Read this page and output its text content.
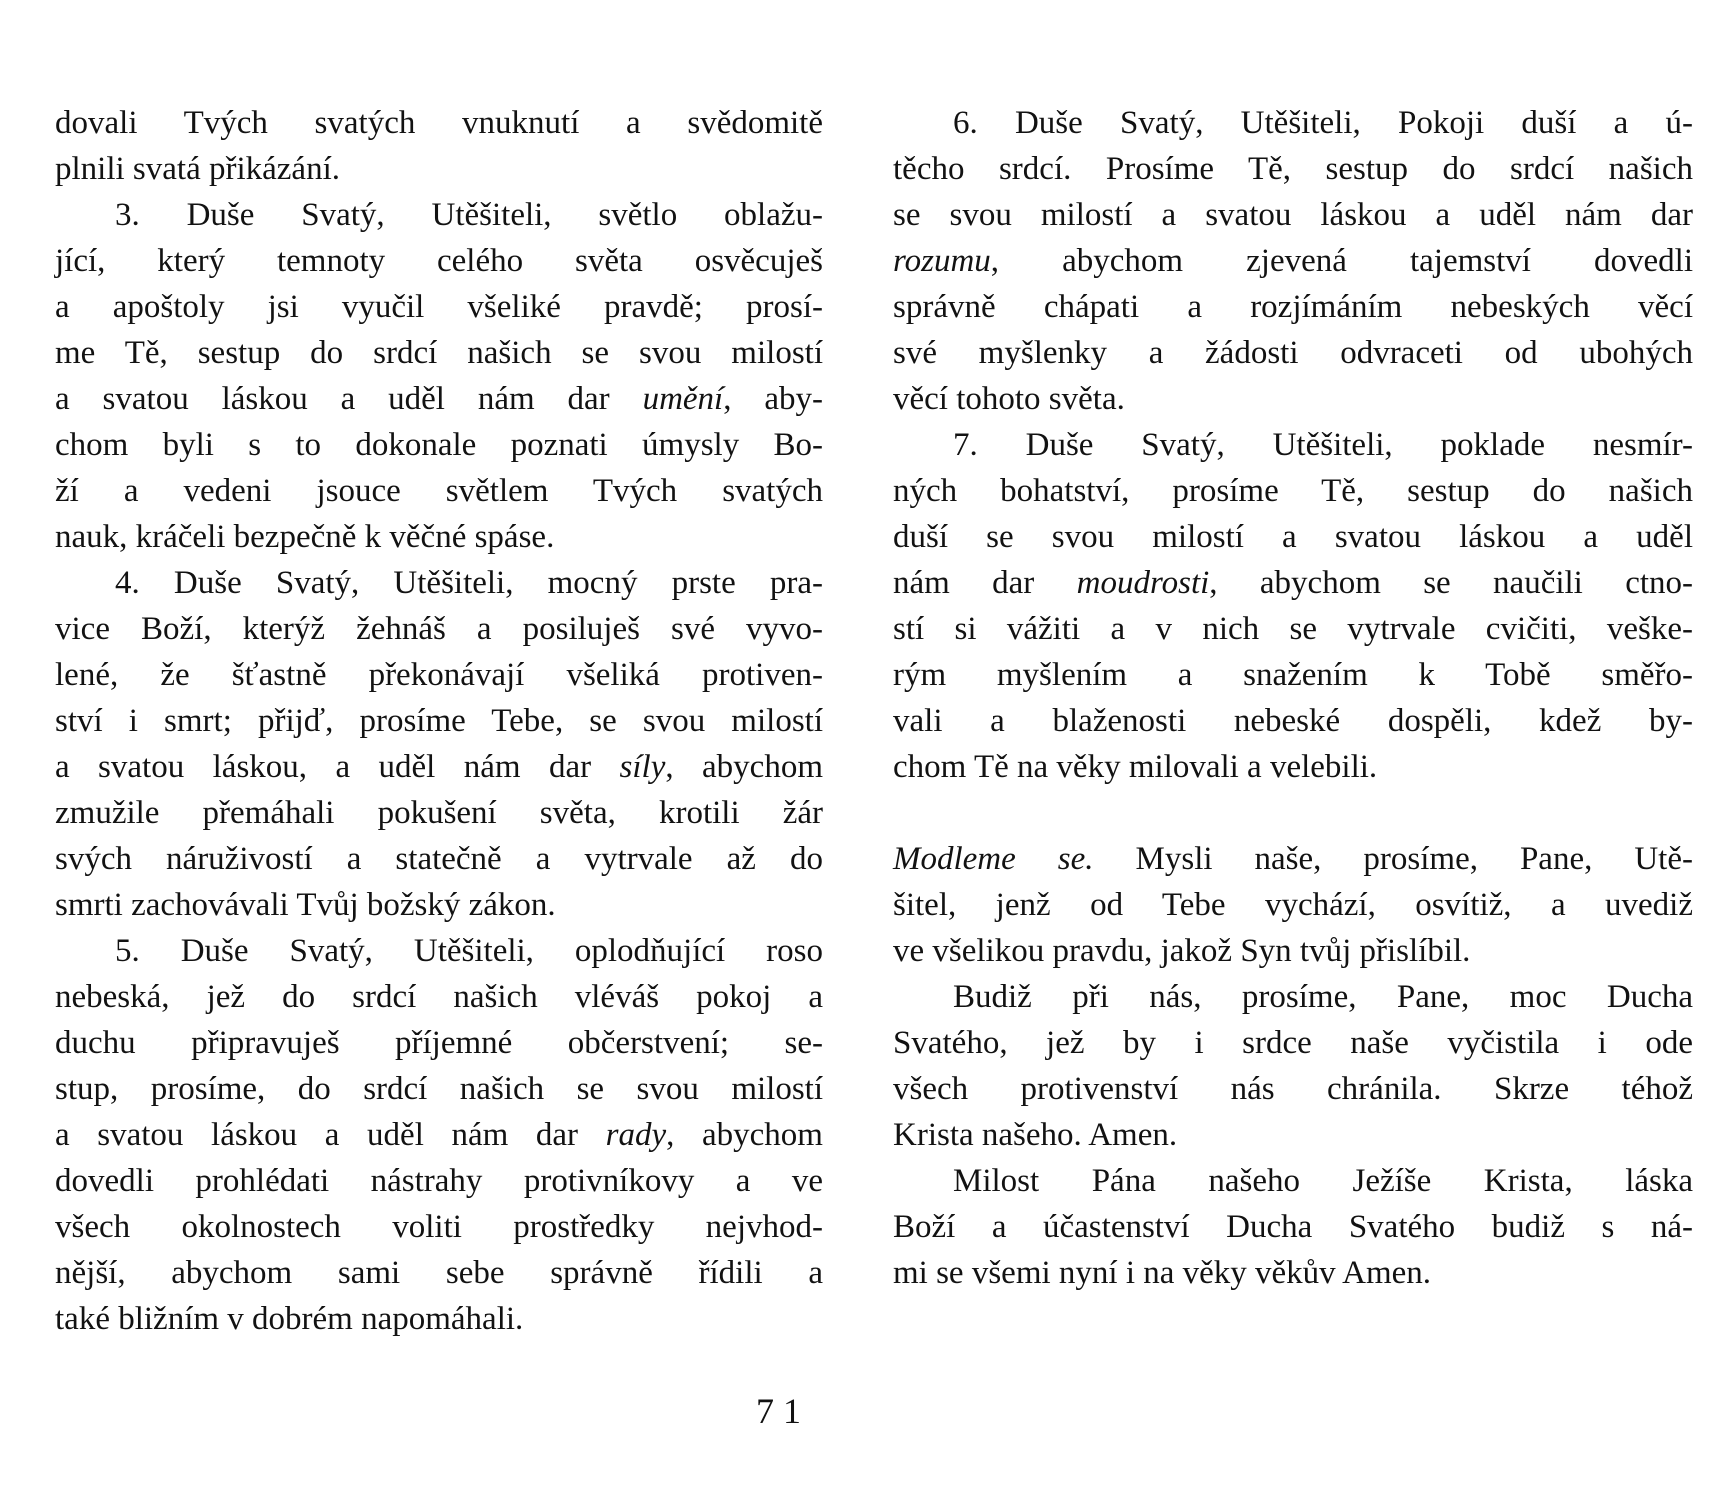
dovali Tvých svatých vnuknutí a svědomitě
plnili svatá přikázání.
3. Duše Svatý, Utěšiteli, světlo oblažu-
jící, který temnoty celého světa osvěcuješ
a apoštoly jsi vyučil všeliké pravdě; prosí-
me Tě, sestup do srdcí našich se svou milostí
a svatou láskou a uděl nám dar umění, aby-
chom byli s to dokonale poznati úmysly Bo-
ží a vedeni jsouce světlem Tvých svatých
nauk, kráčeli bezpečně k věčné spáse.
4. Duše Svatý, Utěšiteli, mocný prste pra-
vice Boží, kterýž žehnáš a posiluješ své vyvo-
lené, že šťastně překonávají všeliká protiven-
ství i smrt; přijď, prosíme Tebe, se svou milostí
a svatou láskou, a uděl nám dar síly, abychom
zmužile přemáhali pokušení světa, krotili žár
svých náruživostí a statečně a vytrvale až do
smrti zachovávali Tvůj božský zákon.
5. Duše Svatý, Utěšiteli, oplodňující roso
nebeská, jež do srdcí našich vléváš pokoj a
duchu připravuješ příjemné občerstvení; se-
stup, prosíme, do srdcí našich se svou milostí
a svatou láskou a uděl nám dar rady, abychom
dovedli prohlédati nástrahy protivníkovy a ve
všech okolnostech voliti prostředky nejvhod-
nější, abychom sami sebe správně řídili a
také bližním v dobrém napomáhali.
6. Duše Svatý, Utěšiteli, Pokoji duší a ú-
těcho srdcí. Prosíme Tě, sestup do srdcí našich
se svou milostí a svatou láskou a uděl nám dar
rozumu, abychom zjevená tajemství dovedli
správně chápati a rozjímáním nebeských věcí
své myšlenky a žádosti odvraceti od ubohých
věcí tohoto světa.
7. Duše Svatý, Utěšiteli, poklade nesmír-
ných bohatství, prosíme Tě, sestup do našich
duší se svou milostí a svatou láskou a uděl
nám dar moudrosti, abychom se naučili ctno-
stí si vážiti a v nich se vytrvale cvičiti, veške-
rým myšlením a snažením k Tobě směřo-
vali a blaženosti nebeské dospěli, kdež by-
chom Tě na věky milovali a velebili.
Modleme se. Mysli naše, prosíme, Pane, Utě-
šitel, jenž od Tebe vychází, osvítiž, a uvediž
ve všelikou pravdu, jakož Syn tvůj přislíbil.
Budiž při nás, prosíme, Pane, moc Ducha
Svatého, jež by i srdce naše vyčistila i ode
všech protivenství nás chránila. Skrze téhož
Krista našeho. Amen.
Milost Pána našeho Ježíše Krista, láska
Boží a účastenství Ducha Svatého budiž s ná-
mi se všemi nyní i na věky věkův Amen.
7 1
